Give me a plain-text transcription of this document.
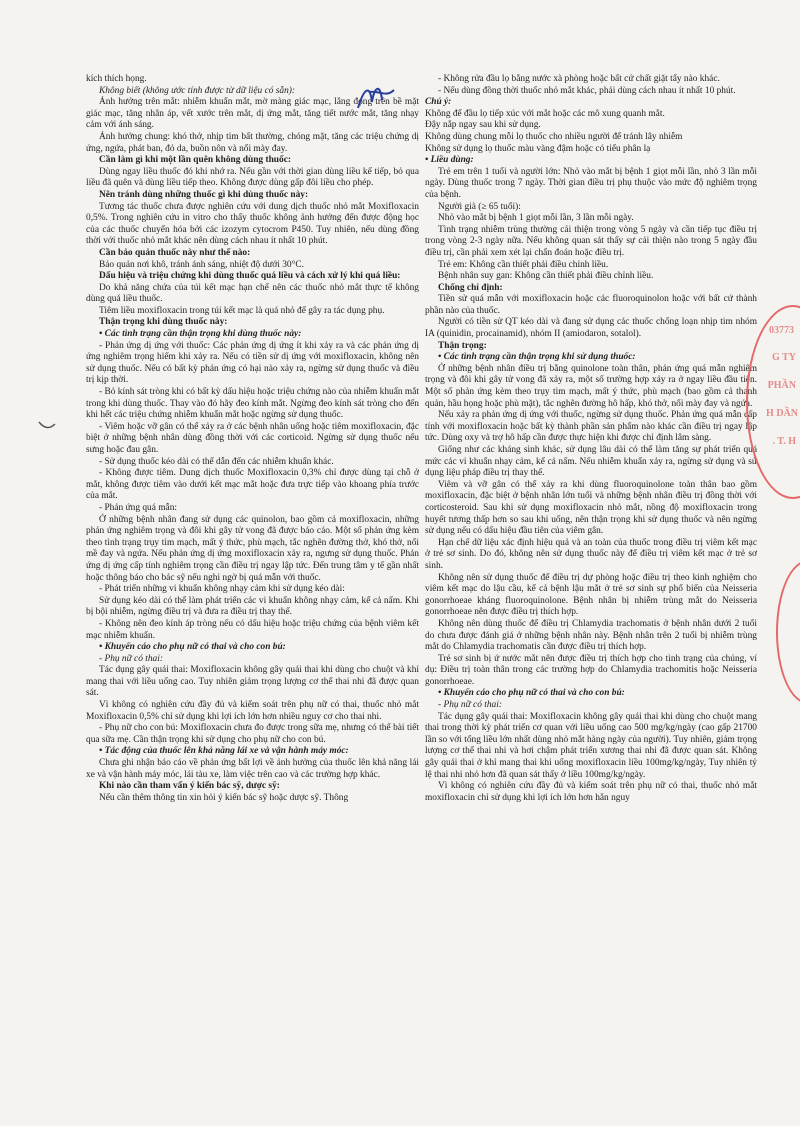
kích thích họng.

Không biết (không ước tính được từ dữ liệu có sẵn):

Ảnh hưởng trên mắt: nhiễm khuẩn mắt, mờ màng giác mạc, lắng đọng trên bề mặt giác mạc, tăng nhãn áp, vết xước trên mắt, dị ứng mắt, tăng tiết nước mắt, tăng nhạy cảm với ánh sáng.

Ảnh hưởng chung: khó thở, nhịp tim bất thường, chóng mặt, tăng các triệu chứng dị ứng, ngứa, phát ban, đỏ da, buồn nôn và nổi mày đay.

Cần làm gì khi một lần quên không dùng thuốc:

Dùng ngay liều thuốc đó khi nhớ ra. Nếu gần với thời gian dùng liều kế tiếp, bỏ qua liều đã quên và dùng liều tiếp theo. Không được dùng gấp đôi liều cho phép.

Nên tránh dùng những thuốc gì khi dùng thuốc này:

Tương tác thuốc chưa được nghiên cứu với dung dịch thuốc nhỏ mắt Moxifloxacin 0,5%. Trong nghiên cứu in vitro cho thấy thuốc không ảnh hưởng đến được động học của các thuốc chuyển hóa bởi các izozym cytocrom P450. Tuy nhiên, nếu dùng đồng thời với thuốc nhỏ mắt khác nên dùng cách nhau ít nhất 10 phút.

Cần bảo quản thuốc này như thế nào:

Bảo quản nơi khô, tránh ánh sáng, nhiệt độ dưới 30°C.

Dấu hiệu và triệu chứng khi dùng thuốc quá liều và cách xử lý khi quá liều:

Do khả năng chứa của túi kết mạc hạn chế nên các thuốc nhỏ mắt thực tế không dùng quá liều thuốc.

Tiêm liều moxifloxacin trong túi kết mạc là quá nhỏ để gây ra tác dụng phụ.

Thận trọng khi dùng thuốc này:

• Các tình trạng cần thận trọng khi dùng thuốc này:

- Phản ứng dị ứng với thuốc: Các phản ứng dị ứng ít khi xảy ra và các phản ứng dị ứng nghiêm trọng hiếm khi xảy ra. Nếu có tiền sử dị ứng với moxifloxacin, không nên sử dụng thuốc. Nếu có bất kỳ phản ứng có hại nào xảy ra, ngừng sử dụng thuốc và điều trị kịp thời.

- Bỏ kính sát tròng khi có bất kỳ dấu hiệu hoặc triệu chứng nào của nhiễm khuẩn mắt trong khi dùng thuốc. Thay vào đó hãy đeo kính mắt. Ngừng đeo kính sát tròng cho đến khi hết các triệu chứng nhiễm khuẩn mắt hoặc ngừng sử dụng thuốc.

- Viêm hoặc vỡ gân có thể xảy ra ở các bệnh nhân uống hoặc tiêm moxifloxacin, đặc biệt ở những bệnh nhân dùng đồng thời với các corticoid. Ngừng sử dụng thuốc nếu sưng hoặc đau gân.

- Sử dụng thuốc kéo dài có thể dẫn đến các nhiễm khuẩn khác.

- Không được tiêm. Dung dịch thuốc Moxifloxacin 0,3% chỉ được dùng tại chỗ ở mắt, không được tiêm vào dưới kết mạc mắt hoặc đưa trực tiếp vào khoang phía trước của mắt.

- Phản ứng quá mẫn:

Ở những bệnh nhân đang sử dụng các quinolon, bao gồm cả moxifloxacin, những phản ứng nghiêm trọng và đôi khi gây tử vong đã được báo cáo. Một số phản ứng kèm theo tình trạng trụy tim mạch, mất ý thức, phù mạch, tắc nghẽn đường thở, khó thở, nổi mề đay và ngứa. Nếu phản ứng dị ứng moxifloxacin xảy ra, ngưng sử dụng thuốc. Phản ứng dị ứng cấp tính nghiêm trọng cần điều trị ngay lập tức. Đến trung tâm y tế gần nhất hoặc thông báo cho bác sỹ nếu nghi ngờ bị quá mẫn với thuốc.

- Phát triển những vi khuẩn không nhạy cảm khi sử dụng kéo dài:

Sử dụng kéo dài có thể làm phát triển các vi khuẩn không nhạy cảm, kể cả nấm. Khi bị bội nhiễm, ngừng điều trị và đưa ra điều trị thay thế.

- Không nên đeo kính áp tròng nếu có dấu hiệu hoặc triệu chứng của bệnh viêm kết mạc nhiễm khuẩn.

• Khuyến cáo cho phụ nữ có thai và cho con bú:

- Phụ nữ có thai:

Tác dụng gây quái thai: Moxifloxacin không gây quái thai khi dùng cho chuột và khỉ mang thai với liều uống cao. Tuy nhiên giảm trọng lượng cơ thể thai nhi đã được quan sát.

Vì không có nghiên cứu đầy đủ và kiểm soát trên phụ nữ có thai, thuốc nhỏ mắt Moxifloxacin 0,5% chỉ sử dụng khi lợi ích lớn hơn nhiều nguy cơ cho thai nhi.

- Phụ nữ cho con bú: Moxifloxacin chưa đo được trong sữa mẹ, nhưng có thể bài tiết qua sữa mẹ. Cần thận trọng khi sử dụng cho phụ nữ cho con bú.

• Tác động của thuốc lên khả năng lái xe và vận hành máy móc:

Chưa ghi nhận báo cáo về phản ứng bất lợi về ảnh hưởng của thuốc lên khả năng lái xe và vận hành máy móc, lái tàu xe, làm việc trên cao và các trường hợp khác.

Khi nào cần tham vấn ý kiến bác sỹ, dược sỹ:

Nếu cần thêm thông tin xin hỏi ý kiến bác sỹ hoặc dược sỹ. Thông

- Không rửa đầu lọ bằng nước xà phòng hoặc bất cứ chất giặt tẩy nào khác.

- Nếu dùng đồng thời thuốc nhỏ mắt khác, phải dùng cách nhau ít nhất 10 phút.

Chú ý:

Không để đầu lọ tiếp xúc với mắt hoặc các mô xung quanh mắt.

Đậy nắp ngay sau khi sử dụng.

Không dùng chung mỗi lọ thuốc cho nhiều người để tránh lây nhiễm

Không sử dụng lọ thuốc màu vàng đậm hoặc có tiểu phân lạ

• Liều dùng:

Trẻ em trên 1 tuổi và người lớn: Nhỏ vào mắt bị bệnh 1 giọt mỗi lần, nhỏ 3 lần mỗi ngày. Dùng thuốc trong 7 ngày. Thời gian điều trị phụ thuộc vào mức độ nghiêm trọng của bệnh.

Người già (≥ 65 tuổi):

Nhỏ vào mắt bị bệnh 1 giọt mỗi lần, 3 lần mỗi ngày.

Tình trạng nhiễm trùng thường cải thiện trong vòng 5 ngày và cần tiếp tục điều trị trong vòng 2-3 ngày nữa. Nếu không quan sát thấy sự cải thiện nào trong 5 ngày đầu điều trị, cần phải xem xét lại chẩn đoán hoặc điều trị.

Trẻ em: Không cần thiết phải điều chỉnh liều.

Bệnh nhân suy gan: Không cần thiết phải điều chỉnh liều.

Chống chỉ định:

Tiền sử quá mẫn với moxifloxacin hoặc các fluoroquinolon hoặc với bất cứ thành phần nào của thuốc.

Người có tiền sử QT kéo dài và đang sử dụng các thuốc chống loạn nhịp tim nhóm IA (quinidin, procainamid), nhóm II (amiodaron, sotalol).

Thận trọng:

• Các tình trạng cần thận trọng khi sử dụng thuốc:

Ở những bệnh nhân điều trị bằng quinolone toàn thân, phản ứng quá mẫn nghiêm trọng và đôi khi gây tử vong đã xảy ra, một số trường hợp xảy ra ở ngay liều đầu tiên. Một số phản ứng kèm theo trụy tim mạch, mất ý thức, phù mạch (bao gồm cả thanh quản, hầu họng hoặc phù mặt), tắc nghẽn đường hô hấp, khó thở, nổi mày đay và ngứa.

Nếu xảy ra phản ứng dị ứng với thuốc, ngừng sử dụng thuốc. Phản ứng quá mẫn cấp tính với moxifloxacin hoặc bất kỳ thành phần sản phẩm nào khác cần điều trị ngay lập tức. Dùng oxy và trợ hô hấp cần được thực hiện khi được chỉ định lâm sàng.

Giống như các kháng sinh khác, sử dụng lâu dài có thể làm tăng sự phát triển quá mức các vi khuẩn nhạy cảm, kể cả nấm. Nếu nhiễm khuẩn xảy ra, ngừng sử dụng và sử dụng liệu pháp điều trị thay thế.

Viêm và vỡ gân có thể xảy ra khi dùng fluoroquinolone toàn thân bao gồm moxifloxacin, đặc biệt ở bệnh nhân lớn tuổi và những bệnh nhân điều trị đồng thời với corticosteroid. Sau khi sử dụng moxifloxacin nhỏ mắt, nồng độ moxifloxacin trong huyết tương thấp hơn so sau khi uống, nên thận trọng khi sử dụng thuốc và nên ngừng sử dụng nếu có dấu hiệu đầu tiên của viêm gân.

Hạn chế dữ liệu xác định hiệu quả và an toàn của thuốc trong điều trị viêm kết mạc ở trẻ sơ sinh. Do đó, không nên sử dụng thuốc này để điều trị viêm kết mạc ở trẻ sơ sinh.

Không nên sử dụng thuốc để điều trị dự phòng hoặc điều trị theo kinh nghiệm cho viêm kết mạc do lậu cầu, kể cả bệnh lậu mắt ở trẻ sơ sinh sự phổ biến của Neisseria gonorrhoeae kháng fluoroquinolone. Bệnh nhân bị nhiễm trùng mắt do Neisseria gonorrhoeae nên được điều trị thích hợp.

Không nên dùng thuốc để điều trị Chlamydia trachomatis ở bệnh nhân dưới 2 tuổi do chưa được đánh giá ở những bệnh nhân này. Bệnh nhân trên 2 tuổi bị nhiễm trùng mắt do Chlamydia trachomatis cần được điều trị thích hợp.

Trẻ sơ sinh bị ứ nước mắt nên được điều trị thích hợp cho tình trạng của chúng, ví dụ: Điều trị toàn thân trong các trường hợp do Chlamydia trachomitis hoặc Neisseria gonorrhoeae.

• Khuyến cáo cho phụ nữ có thai và cho con bú:

- Phụ nữ có thai:

Tác dụng gây quái thai: Moxifloxacin không gây quái thai khi dùng cho chuột mang thai trong thời kỳ phát triển cơ quan với liều uống cao 500 mg/kg/ngày (cao gấp 21700 lần so với tổng liều lớn nhất dùng nhỏ mắt hàng ngày của người). Tuy nhiên, giảm trọng lượng cơ thể thai nhi và hơi chậm phát triển xương thai nhi đã được quan sát. Không gây quái thai ở khỉ mang thai khi uống moxifloxacin liều 100mg/kg/ngày, Tuy nhiên tỷ lệ thai nhi nhỏ hơn đã quan sát thấy ở liều 100mg/kg/ngày.

Vì không có nghiên cứu đầy đủ và kiểm soát trên phụ nữ có thai, thuốc nhỏ mắt moxifloxacin chỉ sử dụng khi lợi ích lớn hơn hẳn nguy

03773
G TY
PHẦN
H DẦN
. T. H
